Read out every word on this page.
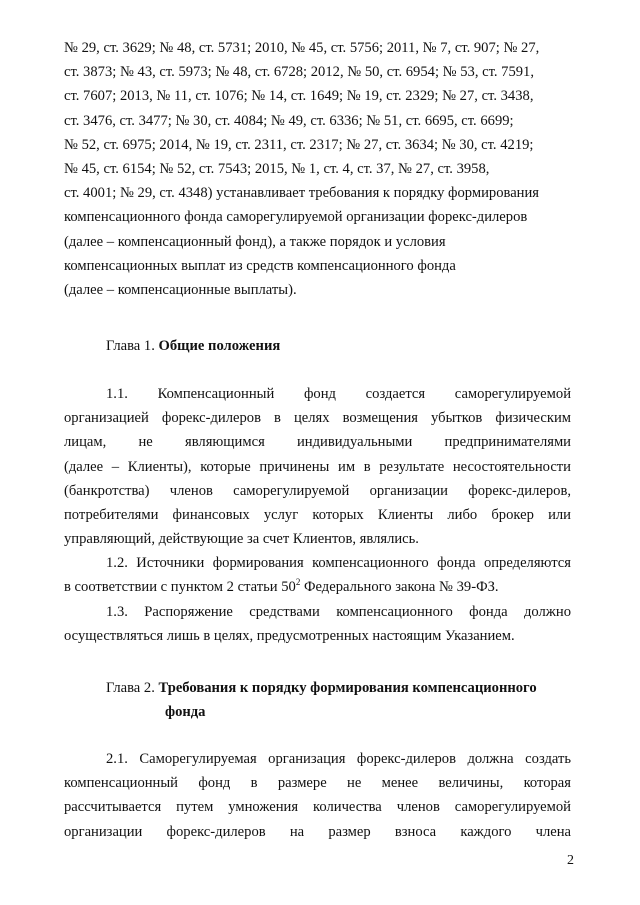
№ 29, ст. 3629; № 48, ст. 5731; 2010, № 45, ст. 5756; 2011, № 7, ст. 907; № 27,
ст. 3873; № 43, ст. 5973; № 48, ст. 6728; 2012, № 50, ст. 6954; № 53, ст. 7591,
ст. 7607; 2013, № 11, ст. 1076; № 14, ст. 1649; № 19, ст. 2329; № 27, ст. 3438,
ст. 3476, ст. 3477; № 30, ст. 4084; № 49, ст. 6336; № 51, ст. 6695, ст. 6699;
№ 52, ст. 6975; 2014, № 19, ст. 2311, ст. 2317; № 27, ст. 3634; № 30, ст. 4219;
№ 45, ст. 6154; № 52, ст. 7543; 2015, № 1, ст. 4, ст. 37, № 27, ст. 3958,
ст. 4001; № 29, ст. 4348) устанавливает требования к порядку формирования
компенсационного фонда саморегулируемой организации форекс-дилеров
(далее – компенсационный фонд), а также порядок и условия
компенсационных выплат из средств компенсационного фонда
(далее – компенсационные выплаты).
Глава 1. Общие положения
1.1. Компенсационный фонд создается саморегулируемой
организацией форекс-дилеров в целях возмещения убытков физическим
лицам, не являющимся индивидуальными предпринимателями
(далее – Клиенты), которые причинены им в результате несостоятельности
(банкротства) членов саморегулируемой организации форекс-дилеров,
потребителями финансовых услуг которых Клиенты либо брокер или
управляющий, действующие за счет Клиентов, являлись.
1.2. Источники формирования компенсационного фонда определяются
в соответствии с пунктом 2 статьи $50^2$ Федерального закона № 39-ФЗ.
1.3. Распоряжение средствами компенсационного фонда должно
осуществляться лишь в целях, предусмотренных настоящим Указанием.
Глава 2. Требования к порядку формирования компенсационного
фонда
2.1. Саморегулируемая организация форекс-дилеров должна создать
компенсационный фонд в размере не менее величины, которая
рассчитывается путем умножения количества членов саморегулируемой
организации форекс-дилеров на размер взноса каждого члена
2
